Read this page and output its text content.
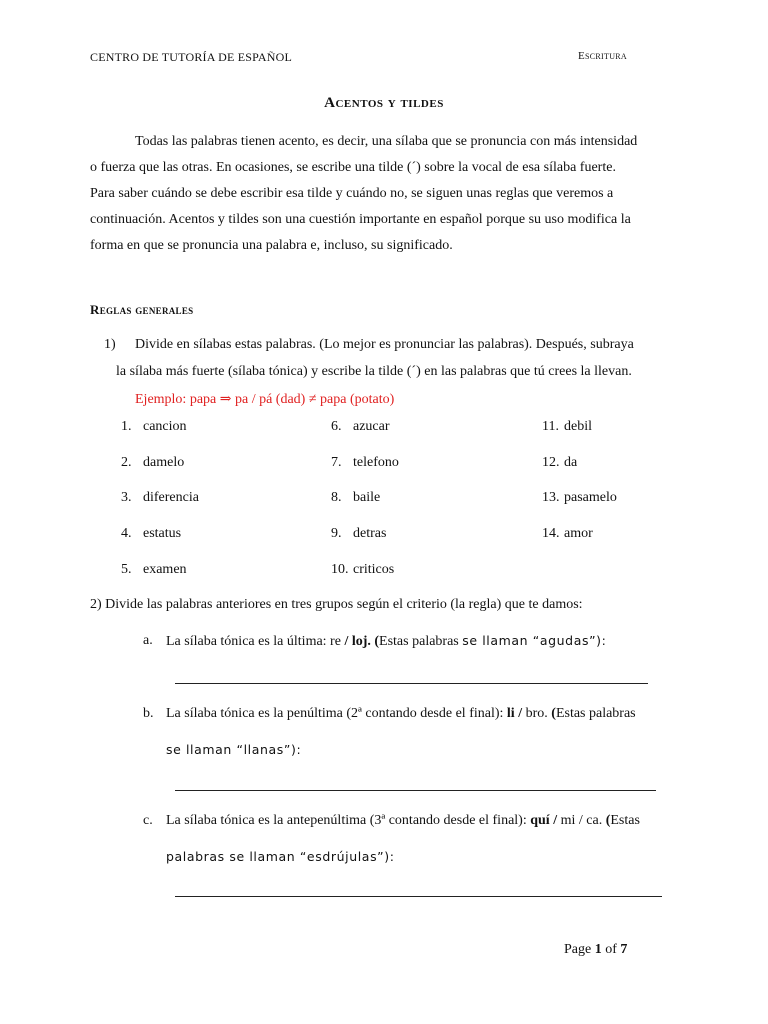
CENTRO DE TUTORÍA DE ESPAÑOL	Escritura
Acentos y tildes
Todas las palabras tienen acento, es decir, una sílaba que se pronuncia con más intensidad
o fuerza que las otras. En ocasiones, se escribe una tilde (´) sobre la vocal de esa sílaba fuerte.
Para saber cuándo se debe escribir esa tilde y cuándo no, se siguen unas reglas que veremos a
continuación. Acentos y tildes son una cuestión importante en español porque su uso modifica la
forma en que se pronuncia una palabra e, incluso, su significado.
Reglas generales
1) Divide en sílabas estas palabras. (Lo mejor es pronunciar las palabras). Después, subraya
la sílaba más fuerte (sílaba tónica) y escribe la tilde (´) en las palabras que tú crees la llevan.
Ejemplo: papa ⇒ pa / pá (dad) ≠ papa (potato)
1. cancion
2. damelo
3. diferencia
4. estatus
5. examen
6. azucar
7. telefono
8. baile
9. detras
10. criticos
11. debil
12. da
13. pasamelo
14. amor
2) Divide las palabras anteriores en tres grupos según el criterio (la regla) que te damos:
a. La sílaba tónica es la última: re / loj. (Estas palabras se llaman “agudas”):
b. La sílaba tónica es la penúltima (2ª contando desde el final): li / bro. (Estas palabras
se llaman “llanas”):
c. La sílaba tónica es la antepenúltima (3ª contando desde el final): quí / mi / ca. (Estas
palabras se llaman “esdrújulas”):
Page 1 of 7
